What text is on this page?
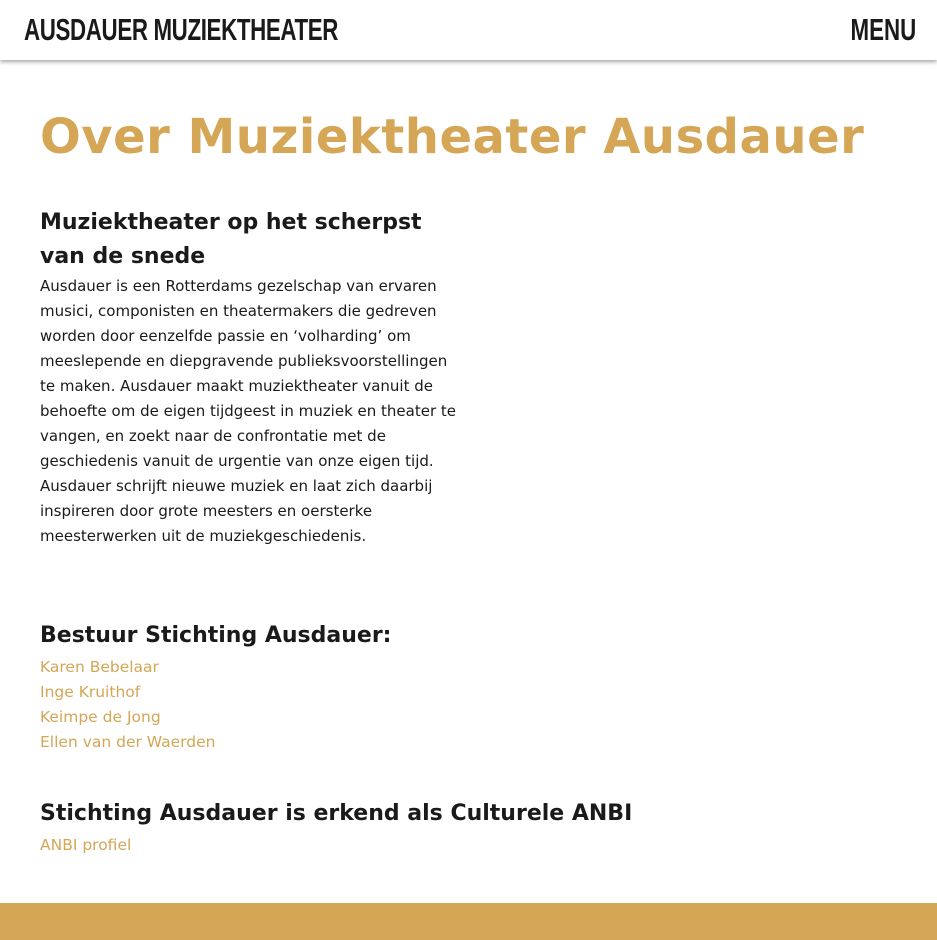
AUSDAUER MUZIEKTHEATER	MENU
Over Muziektheater Ausdauer
Muziektheater op het scherpst van de snede

Ausdauer is een Rotterdams gezelschap van ervaren musici, componisten en theatermakers die gedreven worden door eenzelfde passie en ‘volharding’ om meeslepende en diepgravende publieksvoorstellingen te maken. Ausdauer maakt muziektheater vanuit de behoefte om de eigen tijdgeest in muziek en theater te vangen, en zoekt naar de confrontatie met de geschiedenis vanuit de urgentie van onze eigen tijd. Ausdauer schrijft nieuwe muziek en laat zich daarbij inspireren door grote meesters en oersterke meesterwerken uit de muziekgeschiedenis.

Bestuur Stichting Ausdauer:
Karen Bebelaar
Inge Kruithof
Keimpe de Jong
Ellen van der Waerden
Stichting Ausdauer is erkend als Culturele ANBI
ANBI profiel
